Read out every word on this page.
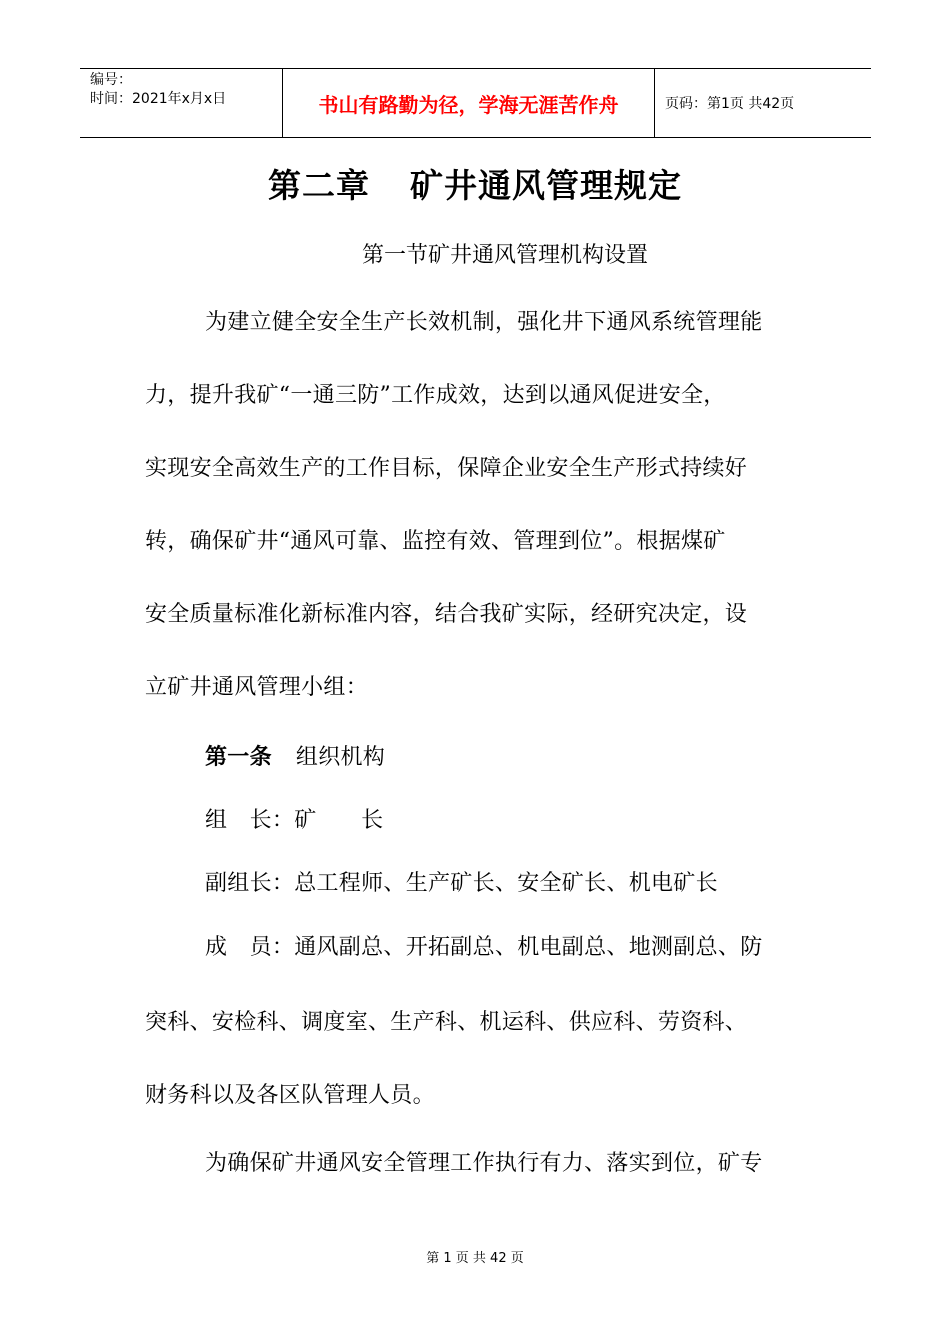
编号：
时间：2021年x月x日	书山有路勤为径，学海无涯苦作舟	页码：第1页 共42页
第二章 矿井通风管理规定
第一节矿井通风管理机构设置
为建立健全安全生产长效机制，强化井下通风系统管理能
力，提升我矿“一通三防”工作成效，达到以通风促进安全，
实现安全高效生产的工作目标，保障企业安全生产形式持续好
转，确保矿井“通风可靠、监控有效、管理到位”。根据煤矿
安全质量标准化新标准内容，结合我矿实际，经研究决定，设
立矿井通风管理小组：
第一条 组织机构
组　长：矿　　长
副组长：总工程师、生产矿长、安全矿长、机电矿长
成　员：通风副总、开拓副总、机电副总、地测副总、防
突科、安检科、调度室、生产科、机运科、供应科、劳资科、
财务科以及各区队管理人员。
为确保矿井通风安全管理工作执行有力、落实到位，矿专
第 1 页 共 42 页
